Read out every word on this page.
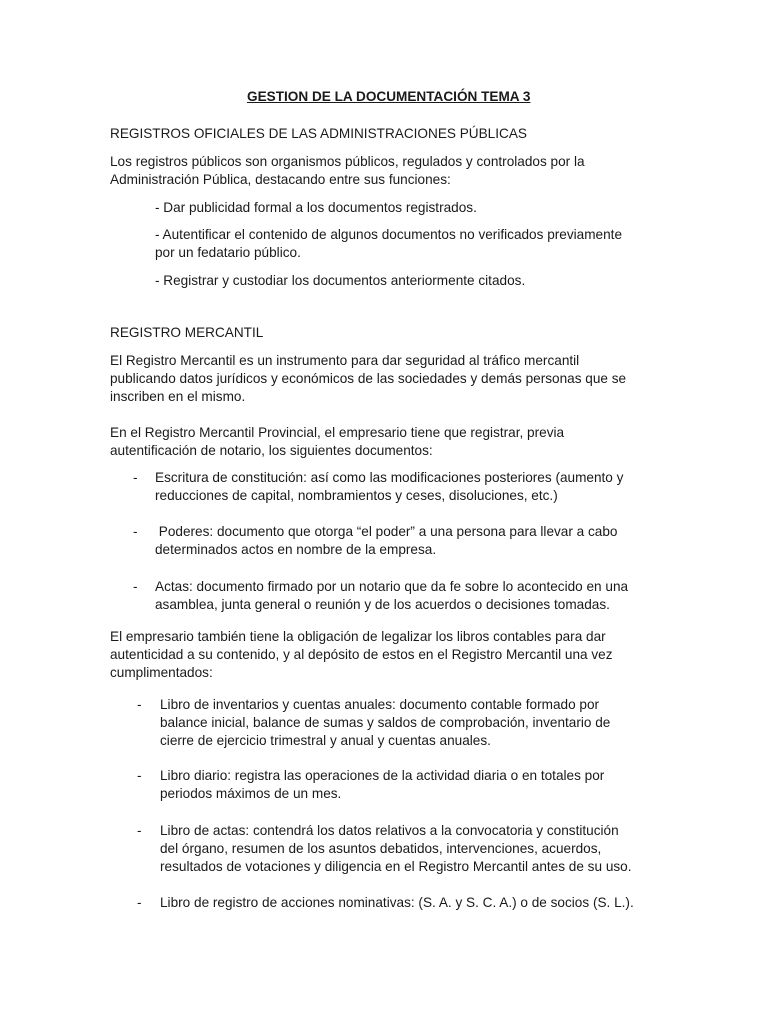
GESTION DE LA DOCUMENTACIÓN TEMA 3
REGISTROS OFICIALES DE LAS ADMINISTRACIONES PÚBLICAS
Los registros públicos son organismos públicos, regulados y controlados por la
Administración Pública, destacando entre sus funciones:
- Dar publicidad formal a los documentos registrados.
- Autentificar el contenido de algunos documentos no verificados previamente
por un fedatario público.
- Registrar y custodiar los documentos anteriormente citados.
REGISTRO MERCANTIL
El Registro Mercantil es un instrumento para dar seguridad al tráfico mercantil
publicando datos jurídicos y económicos de las sociedades y demás personas que se
inscriben en el mismo.
En el Registro Mercantil Provincial, el empresario tiene que registrar, previa
autentificación de notario, los siguientes documentos:
- Escritura de constitución: así como las modificaciones posteriores (aumento y
reducciones de capital, nombramientos y ceses, disoluciones, etc.)
- Poderes: documento que otorga “el poder” a una persona para llevar a cabo
determinados actos en nombre de la empresa.
- Actas: documento firmado por un notario que da fe sobre lo acontecido en una
asamblea, junta general o reunión y de los acuerdos o decisiones tomadas.
El empresario también tiene la obligación de legalizar los libros contables para dar
autenticidad a su contenido, y al depósito de estos en el Registro Mercantil una vez
cumplimentados:
- Libro de inventarios y cuentas anuales: documento contable formado por
balance inicial, balance de sumas y saldos de comprobación, inventario de
cierre de ejercicio trimestral y anual y cuentas anuales.
- Libro diario: registra las operaciones de la actividad diaria o en totales por
periodos máximos de un mes.
- Libro de actas: contendrá los datos relativos a la convocatoria y constitución
del órgano, resumen de los asuntos debatidos, intervenciones, acuerdos,
resultados de votaciones y diligencia en el Registro Mercantil antes de su uso.
- Libro de registro de acciones nominativas: (S. A. y S. C. A.) o de socios (S. L.).
